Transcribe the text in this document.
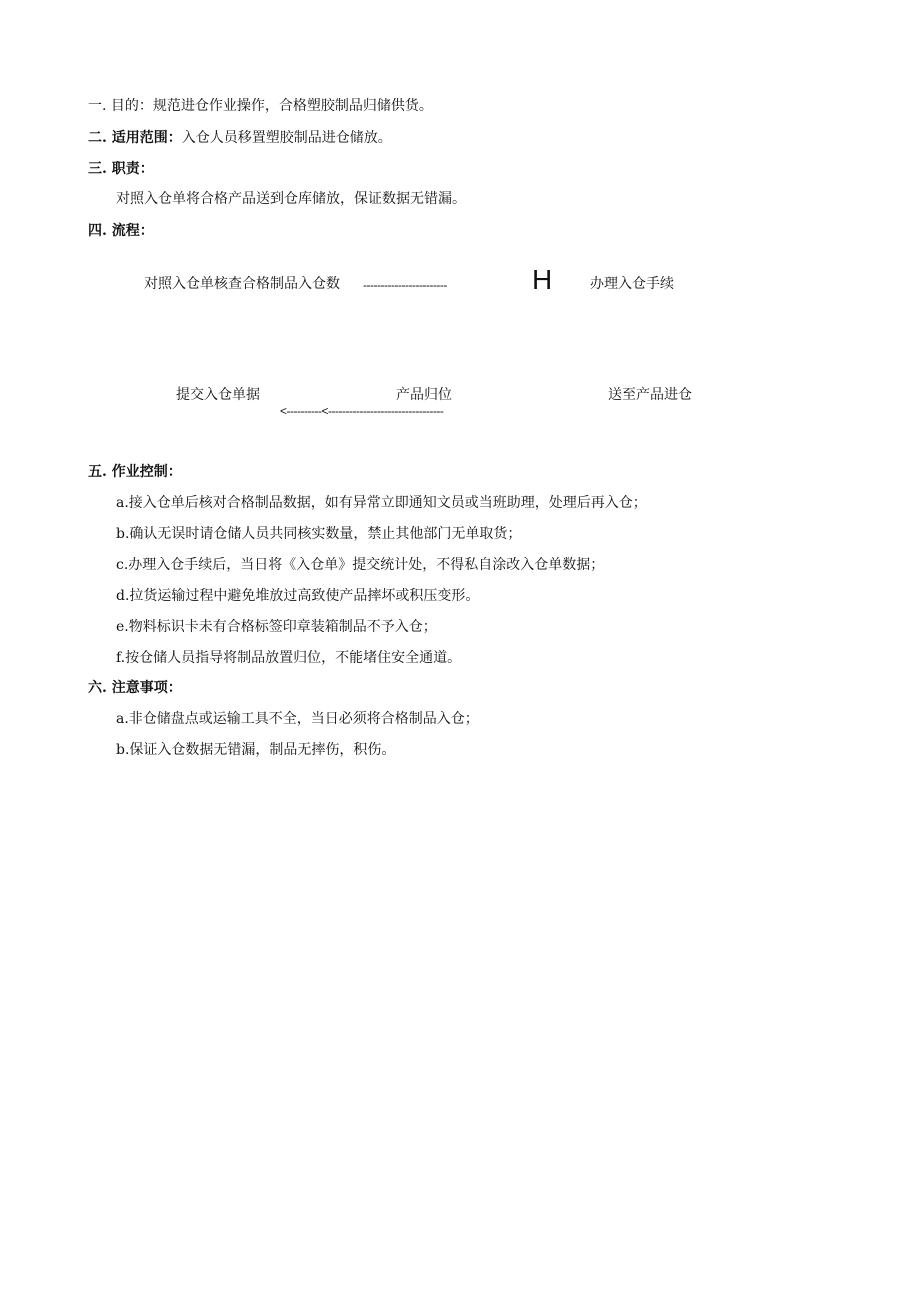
一. 目的：规范进仓作业操作，合格塑胶制品归储供货。
二. 适用范围：入仓人员移置塑胶制品进仓储放。
三. 职责：
对照入仓单将合格产品送到仓库储放，保证数据无错漏。
四. 流程：
对照入仓单核查合格制品入仓数 ------------------------	H	办理入仓手续
提交入仓单据	产品归位	送至产品进仓
<----------<---------------------------------
五. 作业控制：
a.接入仓单后核对合格制品数据，如有异常立即通知文员或当班助理，处理后再入仓；
b.确认无误时请仓储人员共同核实数量，禁止其他部门无单取货；
c.办理入仓手续后，当日将《入仓单》提交统计处，不得私自涂改入仓单数据；
d.拉货运输过程中避免堆放过高致使产品摔坏或积压变形。
e.物料标识卡未有合格标签印章装箱制品不予入仓；
f.按仓储人员指导将制品放置归位，不能堵住安全通道。
六. 注意事项：
a.非仓储盘点或运输工具不全，当日必须将合格制品入仓；
b.保证入仓数据无错漏，制品无摔伤，积伤。
